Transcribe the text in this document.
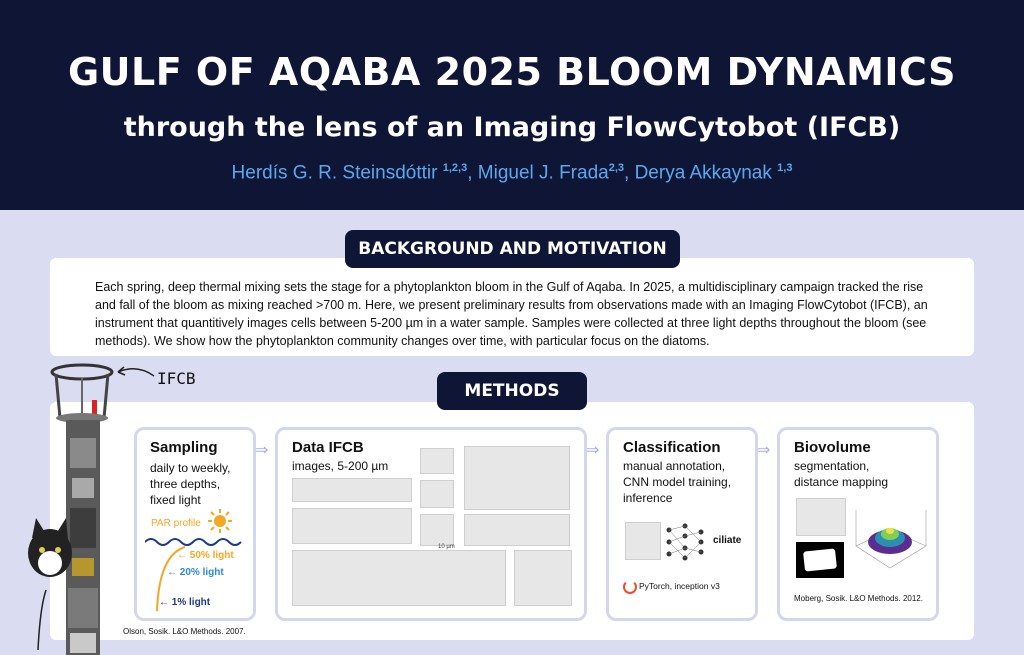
GULF OF AQABA 2025 BLOOM DYNAMICS
through the lens of an Imaging FlowCytobot (IFCB)
Herdís G. R. Steinsdóttir $^{1,2,3}$, Miguel J. Frada$^{2,3}$, Derya Akkaynak $^{1,3}$
Each spring, deep thermal mixing sets the stage for a phytoplankton bloom in the Gulf of Aqaba. In 2025, a multidisciplinary campaign tracked the rise and fall of the bloom as mixing reached >700 m. Here, we present preliminary results from observations made with an Imaging FlowCytobot (IFCB), an instrument that quantitively images cells between 5-200 µm in a water sample. Samples were collected at three light depths throughout the bloom (see methods). We show how the phytoplankton community changes over time, with particular focus on the diatoms.
BACKGROUND AND MOTIVATION
METHODS
IFCB
Sampling
daily to weekly,
three depths,
fixed light
PAR profile
← 50% light
← 20% light
← 1% light
Olson, Sosik. L&O Methods. 2007.
⇒ Data IFCB
images, 5-200 µm
10 µm
⇒ Classification
manual annotation,
CNN model training,
inference
ciliate
PyTorch, inception v3
⇒ Biovolume
segmentation,
distance mapping
Moberg, Sosik. L&O Methods. 2012.
